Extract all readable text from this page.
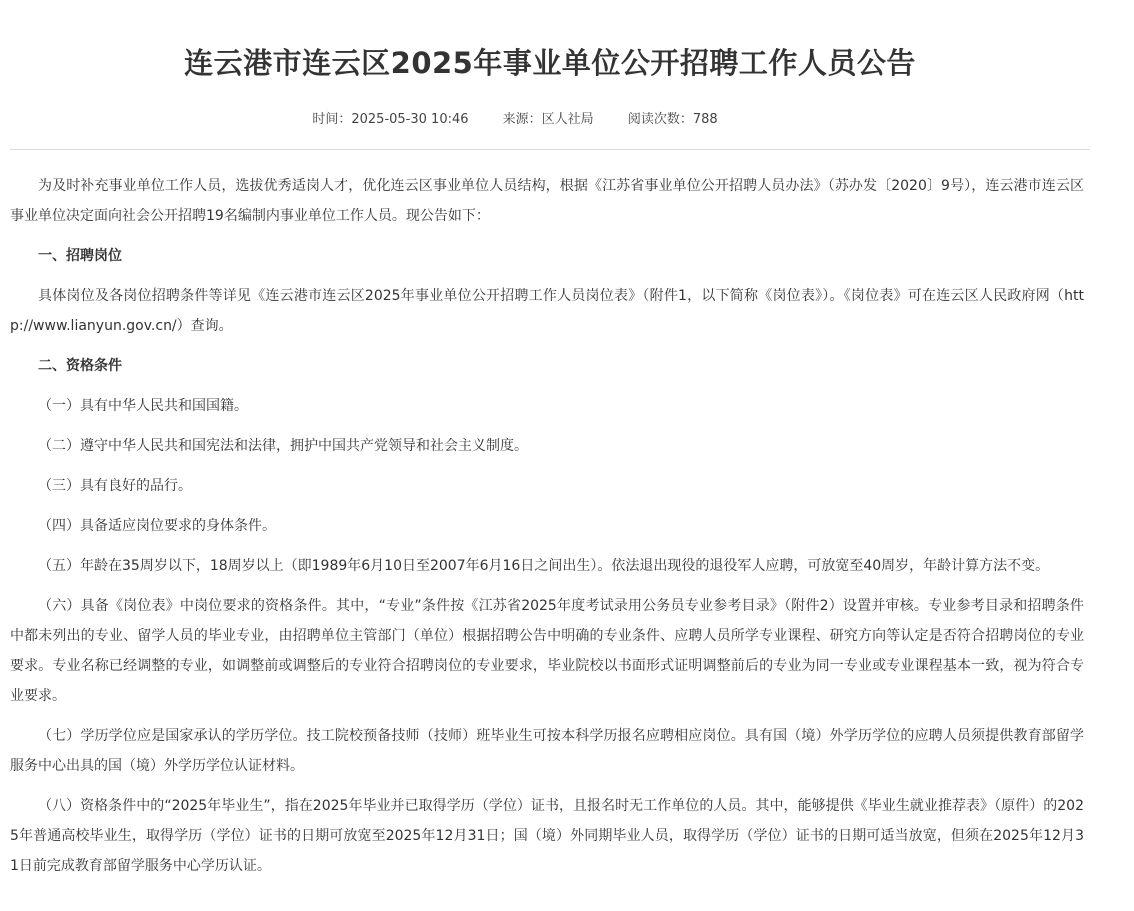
连云港市连云区2025年事业单位公开招聘工作人员公告
时间：2025-05-30 10:46	来源：区人社局	阅读次数：788

为及时补充事业单位工作人员，选拔优秀适岗人才，优化连云区事业单位人员结构，根据《江苏省事业单位公开招聘人员办法》（苏办发〔2020〕9号），连云港市连云区事业单位决定面向社会公开招聘19名编制内事业单位工作人员。现公告如下：

一、招聘岗位

具体岗位及各岗位招聘条件等详见《连云港市连云区2025年事业单位公开招聘工作人员岗位表》（附件1，以下简称《岗位表》）。《岗位表》可在连云区人民政府网（http://www.lianyun.gov.cn/）查询。

二、资格条件

（一）具有中华人民共和国国籍。

（二）遵守中华人民共和国宪法和法律，拥护中国共产党领导和社会主义制度。

（三）具有良好的品行。

（四）具备适应岗位要求的身体条件。

（五）年龄在35周岁以下，18周岁以上（即1989年6月10日至2007年6月16日之间出生）。依法退出现役的退役军人应聘，可放宽至40周岁，年龄计算方法不变。

（六）具备《岗位表》中岗位要求的资格条件。其中，“专业”条件按《江苏省2025年度考试录用公务员专业参考目录》（附件2）设置并审核。专业参考目录和招聘条件中都未列出的专业、留学人员的毕业专业，由招聘单位主管部门（单位）根据招聘公告中明确的专业条件、应聘人员所学专业课程、研究方向等认定是否符合招聘岗位的专业要求。专业名称已经调整的专业，如调整前或调整后的专业符合招聘岗位的专业要求，毕业院校以书面形式证明调整前后的专业为同一专业或专业课程基本一致，视为符合专业要求。

（七）学历学位应是国家承认的学历学位。技工院校预备技师（技师）班毕业生可按本科学历报名应聘相应岗位。具有国（境）外学历学位的应聘人员须提供教育部留学服务中心出具的国（境）外学历学位认证材料。

（八）资格条件中的“2025年毕业生”，指在2025年毕业并已取得学历（学位）证书，且报名时无工作单位的人员。其中，能够提供《毕业生就业推荐表》（原件）的2025年普通高校毕业生，取得学历（学位）证书的日期可放宽至2025年12月31日；国（境）外同期毕业人员，取得学历（学位）证书的日期可适当放宽，但须在2025年12月31日前完成教育部留学服务中心学历认证。
